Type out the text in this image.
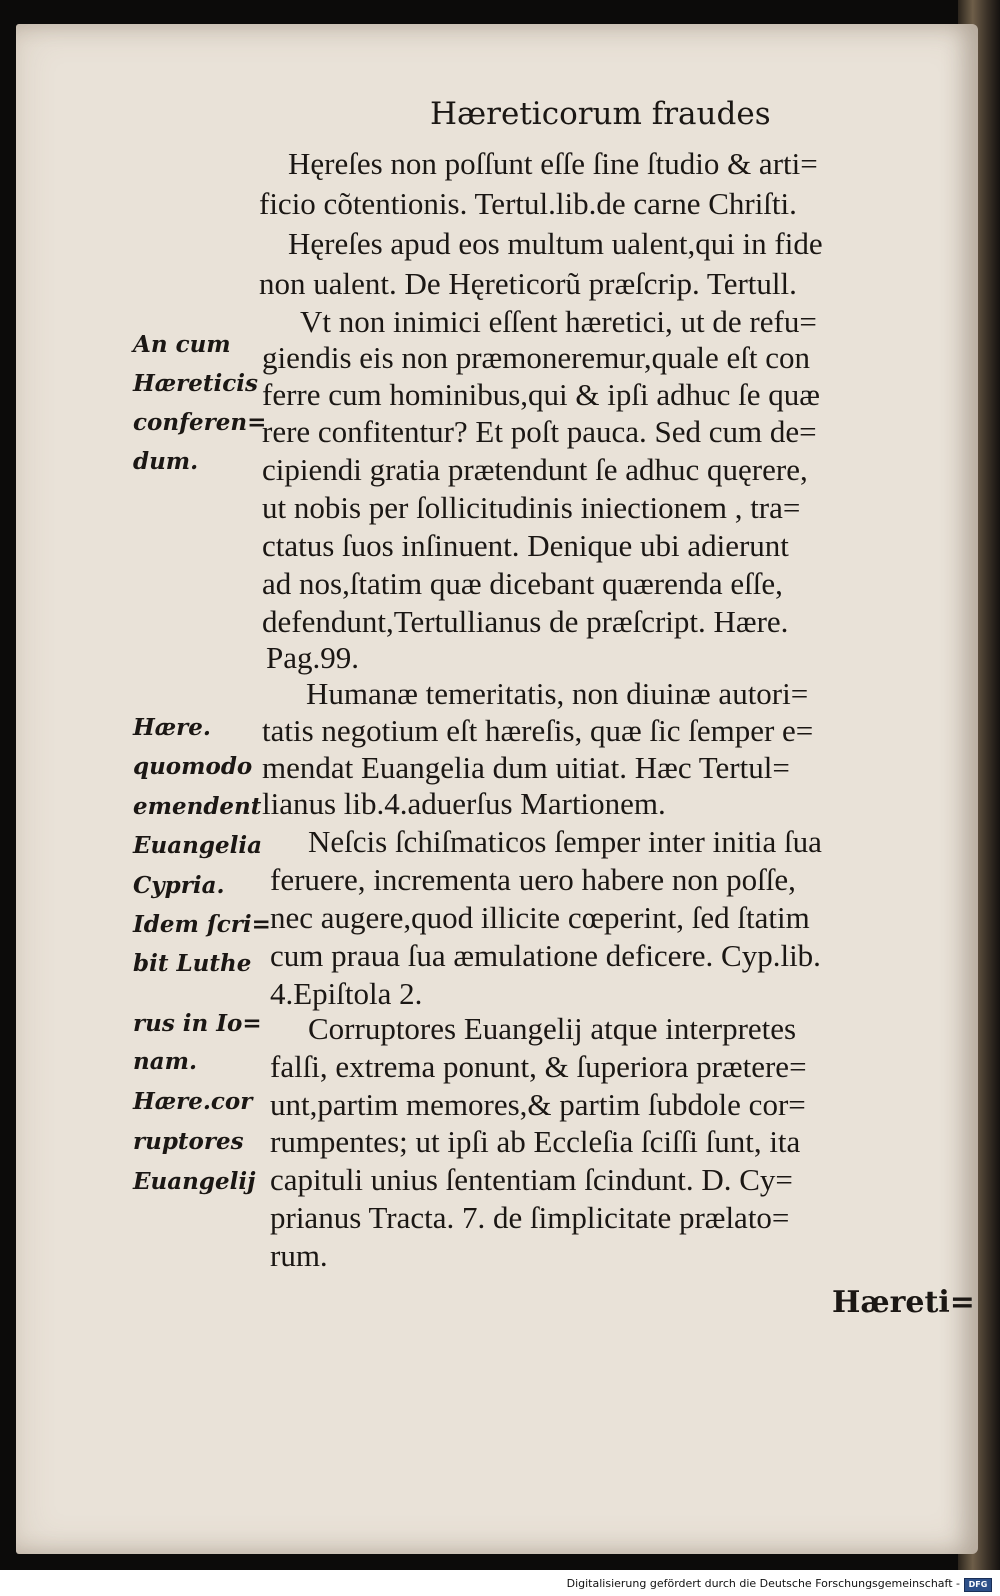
Hæreticorum fraudes
Hęreſes non poſſunt eſſe ſine ſtudio & arti=
ficio cõtentionis. Tertul.lib.de carne Chriſti.
Hęreſes apud eos multum ualent,qui in fide
non ualent. De Hęreticorũ præſcrip. Tertull.
Vt non inimici eſſent hæretici, ut de refu=
giendis eis non præmoneremur,quale eſt con
ferre cum hominibus,qui & ipſi adhuc ſe quæ
rere confitentur? Et poſt pauca. Sed cum de=
cipiendi gratia prætendunt ſe adhuc quęrere,
ut nobis per ſollicitudinis iniectionem , tra=
ctatus ſuos inſinuent. Denique ubi adierunt
ad nos,ſtatim quæ dicebant quærenda eſſe,
defendunt,Tertullianus de præſcript. Hære.
Pag.99.
Humanæ temeritatis, non diuinæ autori=
tatis negotium eſt hæreſis, quæ ſic ſemper e=
mendat Euangelia dum uitiat. Hæc Tertul=
lianus lib.4.aduerſus Martionem.
Neſcis ſchiſmaticos ſemper inter initia ſua
feruere, incrementa uero habere non poſſe,
nec augere,quod illicite cœperint, ſed ſtatim
cum praua ſua æmulatione deficere. Cyp.lib.
4.Epiſtola 2.
Corruptores Euangelij atque interpretes
falſi, extrema ponunt, & ſuperiora prætere=
unt,partim memores,& partim ſubdole cor=
rumpentes; ut ipſi ab Eccleſia ſciſſi ſunt, ita
capituli unius ſententiam ſcindunt. D. Cy=
prianus Tracta. 7. de ſimplicitate prælato=
rum.
An cum
Hæreticis
conferen=
dum.
Hære.
quomodo
emendent
Euangelia
Cypria.
Idem ſcri=
bit Luthe
rus in Io=
nam.
Hære.cor
ruptores
Euangelij
Hæreti=
Digitalisierung gefördert durch die Deutsche Forschungsgemeinschaft -	DFG
